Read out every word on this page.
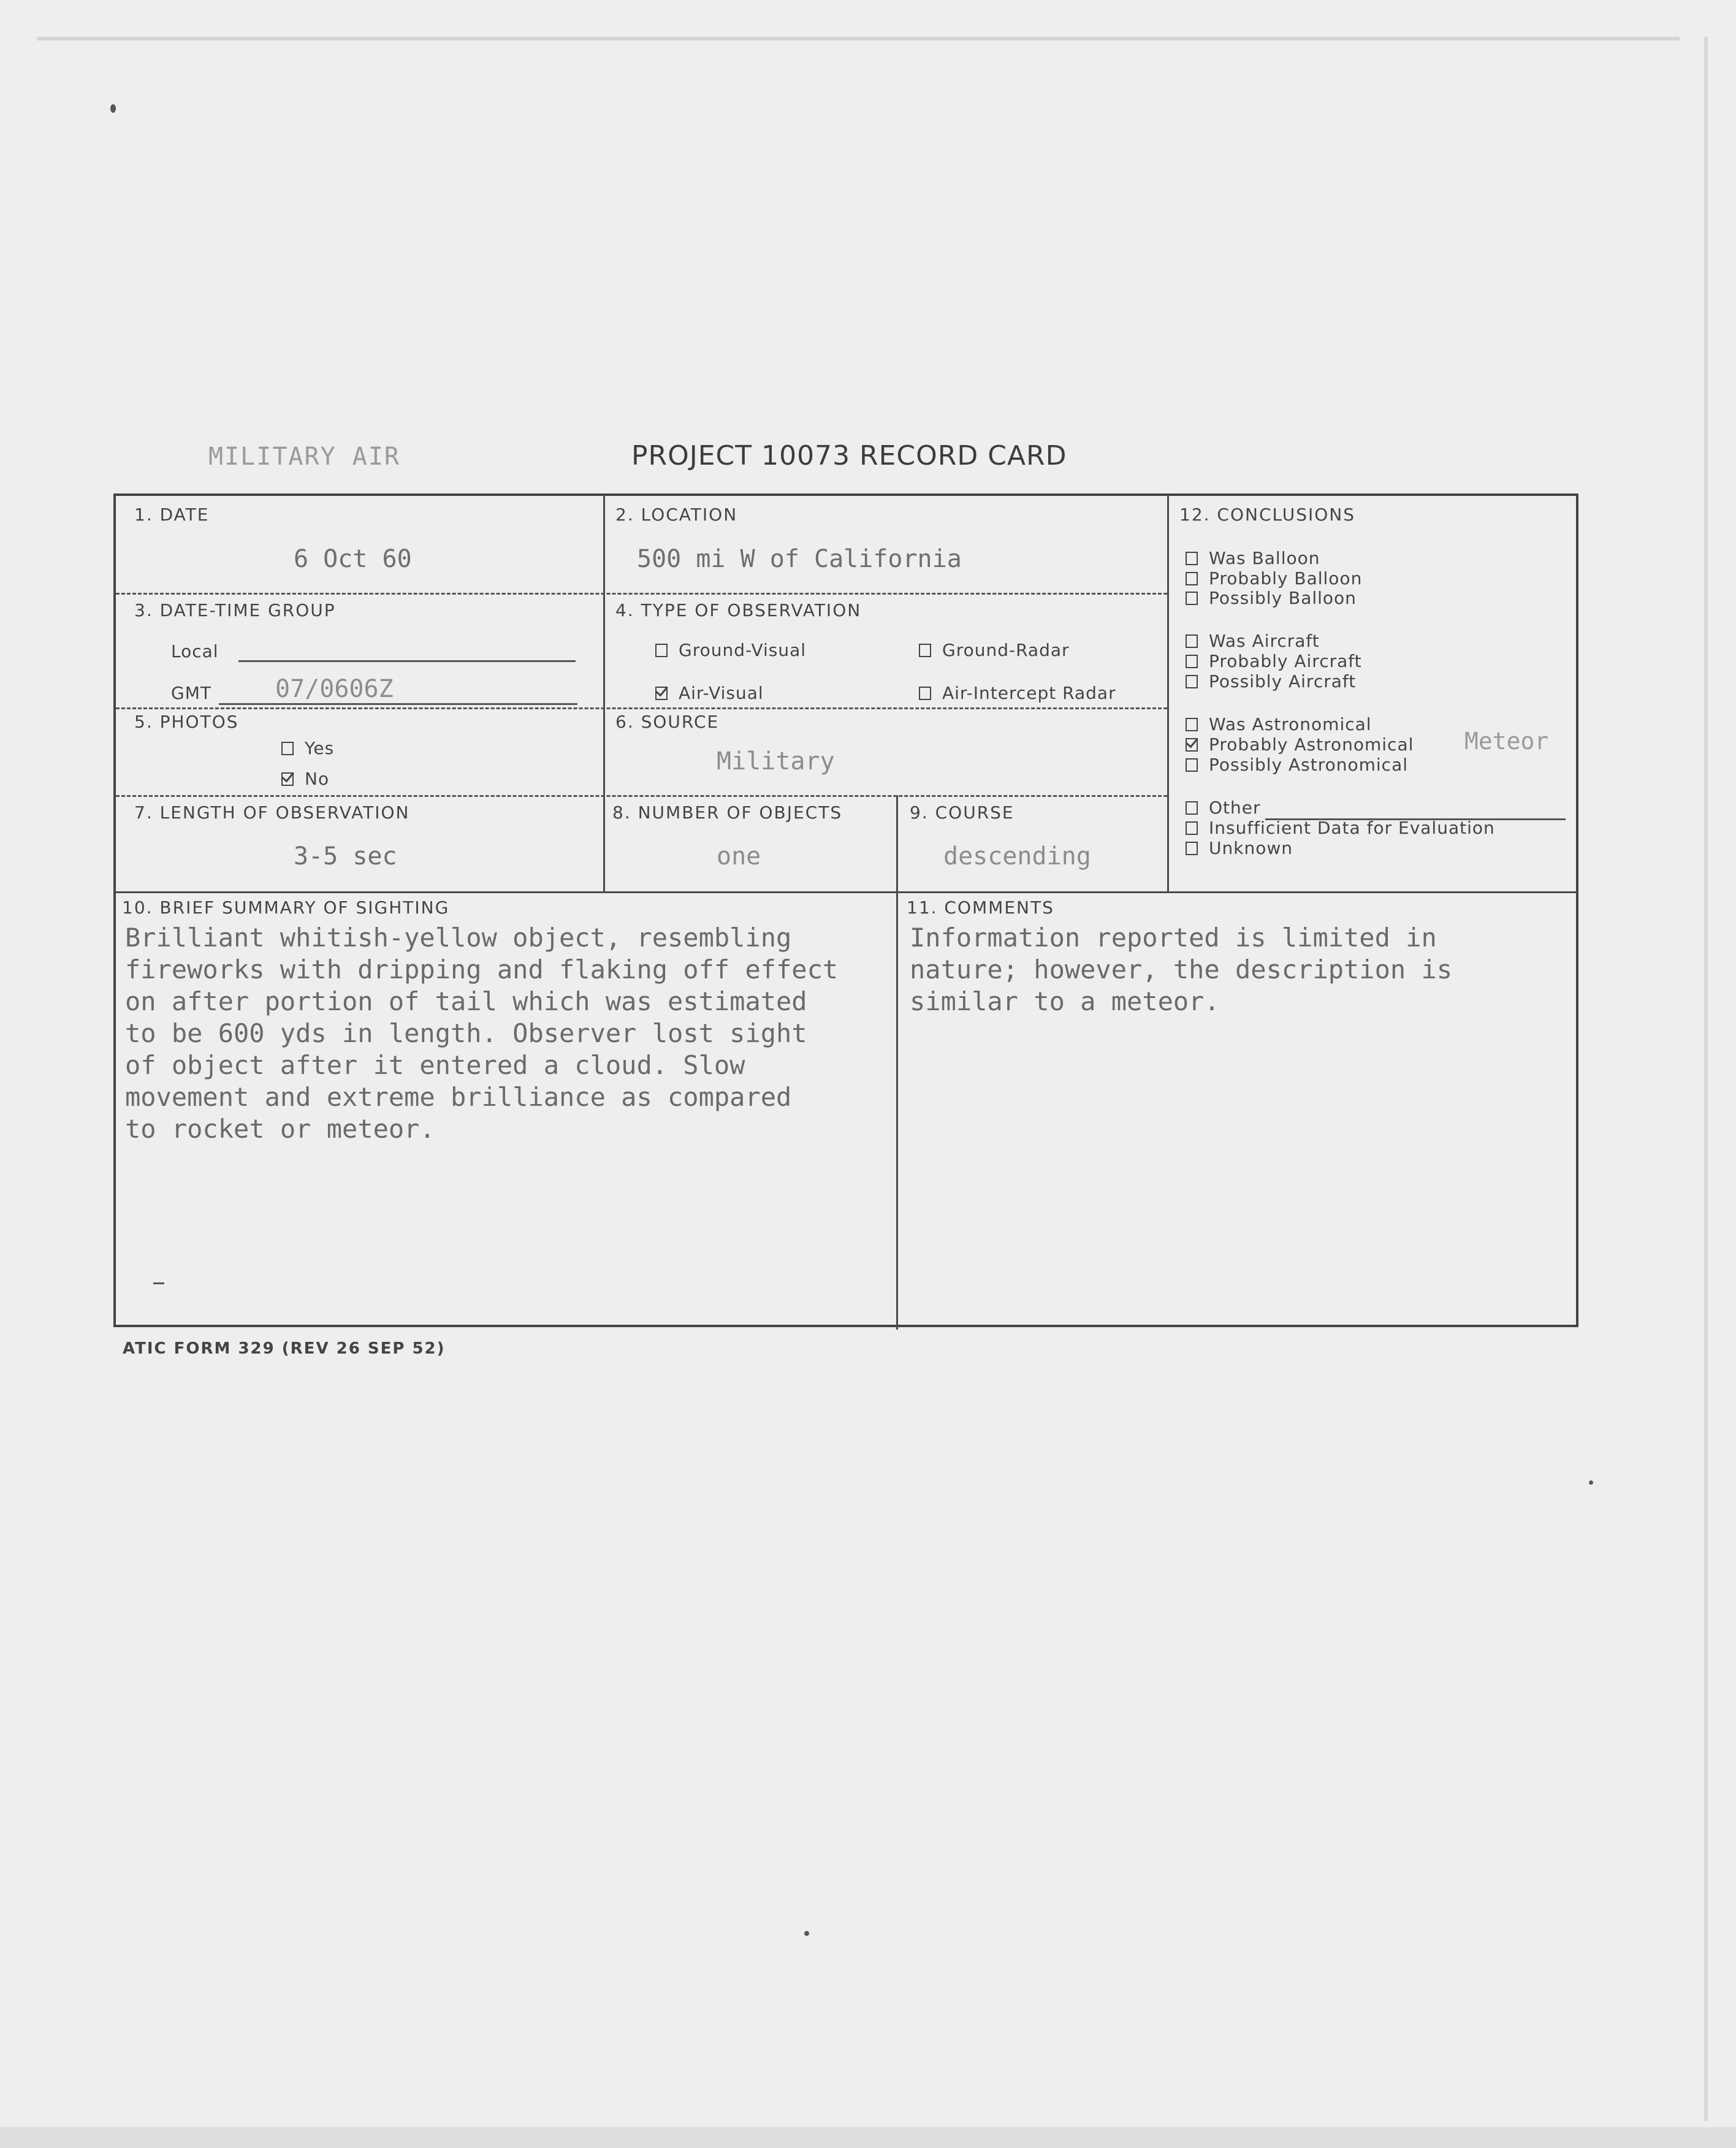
MILITARY AIR	PROJECT 10073 RECORD CARD
1. DATE
6 Oct 60
2. LOCATION
500 mi W of California
3. DATE-TIME GROUP
Local
GMT	07/0606Z
4. TYPE OF OBSERVATION
Ground-Visual	Ground-Radar
Air-Visual	Air-Intercept Radar
5. PHOTOS
Yes
No
6. SOURCE
Military
7. LENGTH OF OBSERVATION
3-5 sec
8. NUMBER OF OBJECTS
one
9. COURSE
descending
12. CONCLUSIONS
Was Balloon
Probably Balloon
Possibly Balloon
Was Aircraft
Probably Aircraft
Possibly Aircraft
Was Astronomical
Probably Astronomical
Possibly Astronomical
Other
Insufficient Data for Evaluation
Unknown
Meteor
10. BRIEF SUMMARY OF SIGHTING
Brilliant whitish-yellow object, resembling
fireworks with dripping and flaking off effect
on after portion of tail which was estimated
to be 600 yds in length. Observer lost sight
of object after it entered a cloud. Slow
movement and extreme brilliance as compared
to rocket or meteor.
11. COMMENTS
Information reported is limited in
nature; however, the description is
similar to a meteor.
ATIC FORM 329 (REV 26 SEP 52)
